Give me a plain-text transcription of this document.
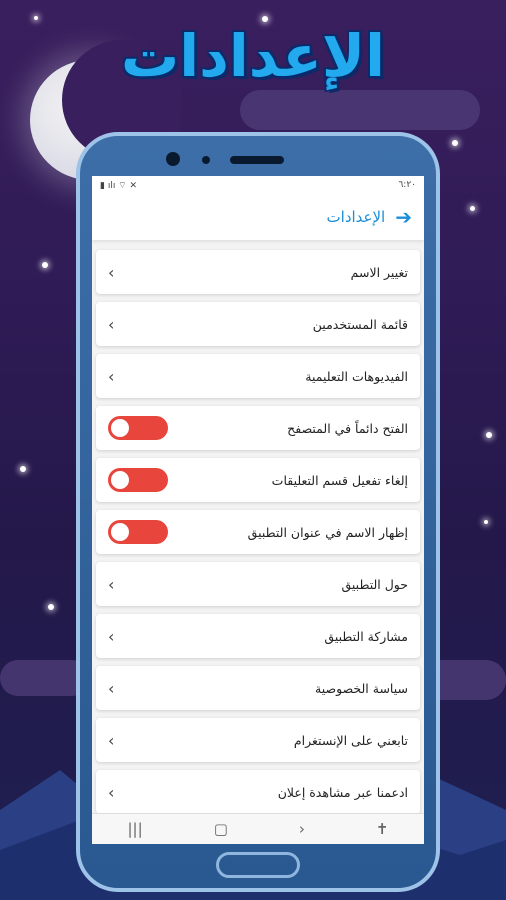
الإعدادات
▮ ılı ⌔ ✕	٦:٢٠
الإعدادات ➔
‹	تغيير الاسم
‹	قائمة المستخدمين
‹	الفيديوهات التعليمية
الفتح دائماً في المتصفح
إلغاء تفعيل قسم التعليقات
إظهار الاسم في عنوان التطبيق
‹	حول التطبيق
‹	مشاركة التطبيق
‹	سياسة الخصوصية
‹	تابعني على الإنستغرام
‹	ادعمنا عبر مشاهدة إعلان
|||	▢	›	✝
